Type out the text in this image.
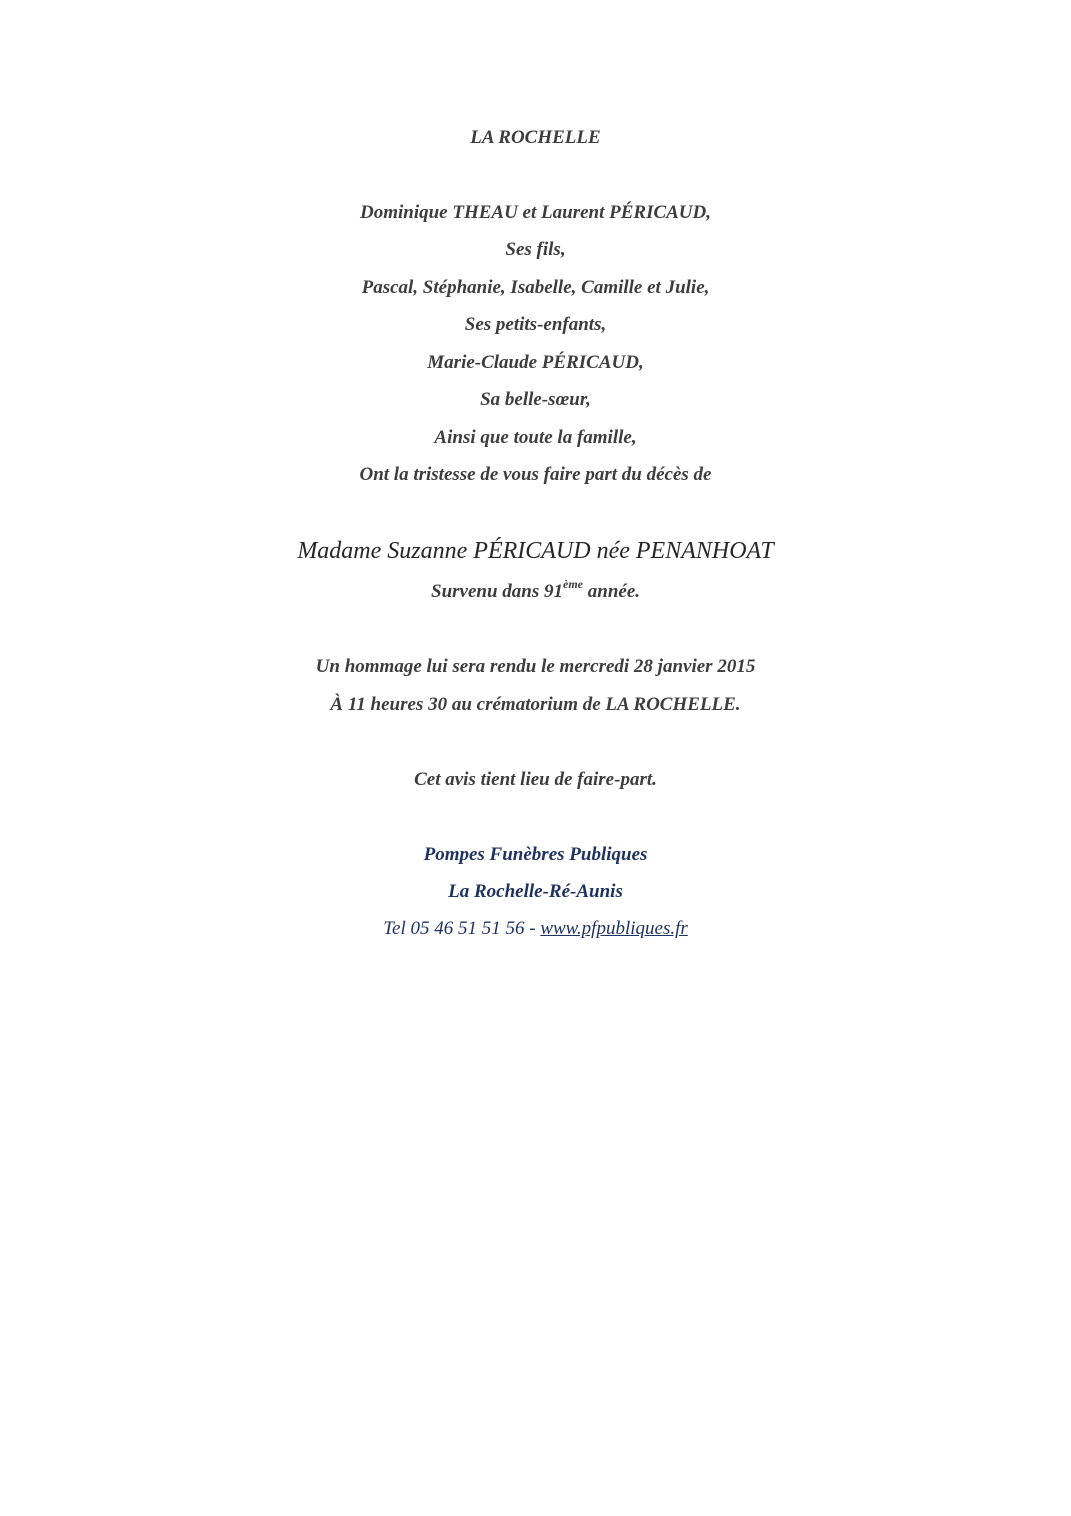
LA ROCHELLE
Dominique THEAU et Laurent PÉRICAUD,
Ses fils,
Pascal, Stéphanie, Isabelle, Camille et Julie,
Ses petits-enfants,
Marie-Claude PÉRICAUD,
Sa belle-sœur,
Ainsi que toute la famille,
Ont la tristesse de vous faire part du décès de
Madame Suzanne PÉRICAUD née PENANHOAT
Survenu dans 91ème année.
Un hommage lui sera rendu le mercredi 28 janvier 2015
À 11 heures 30 au crématorium de LA ROCHELLE.
Cet avis tient lieu de faire-part.
Pompes Funèbres Publiques
La Rochelle-Ré-Aunis
Tel 05 46 51 51 56 - www.pfpubliques.fr
